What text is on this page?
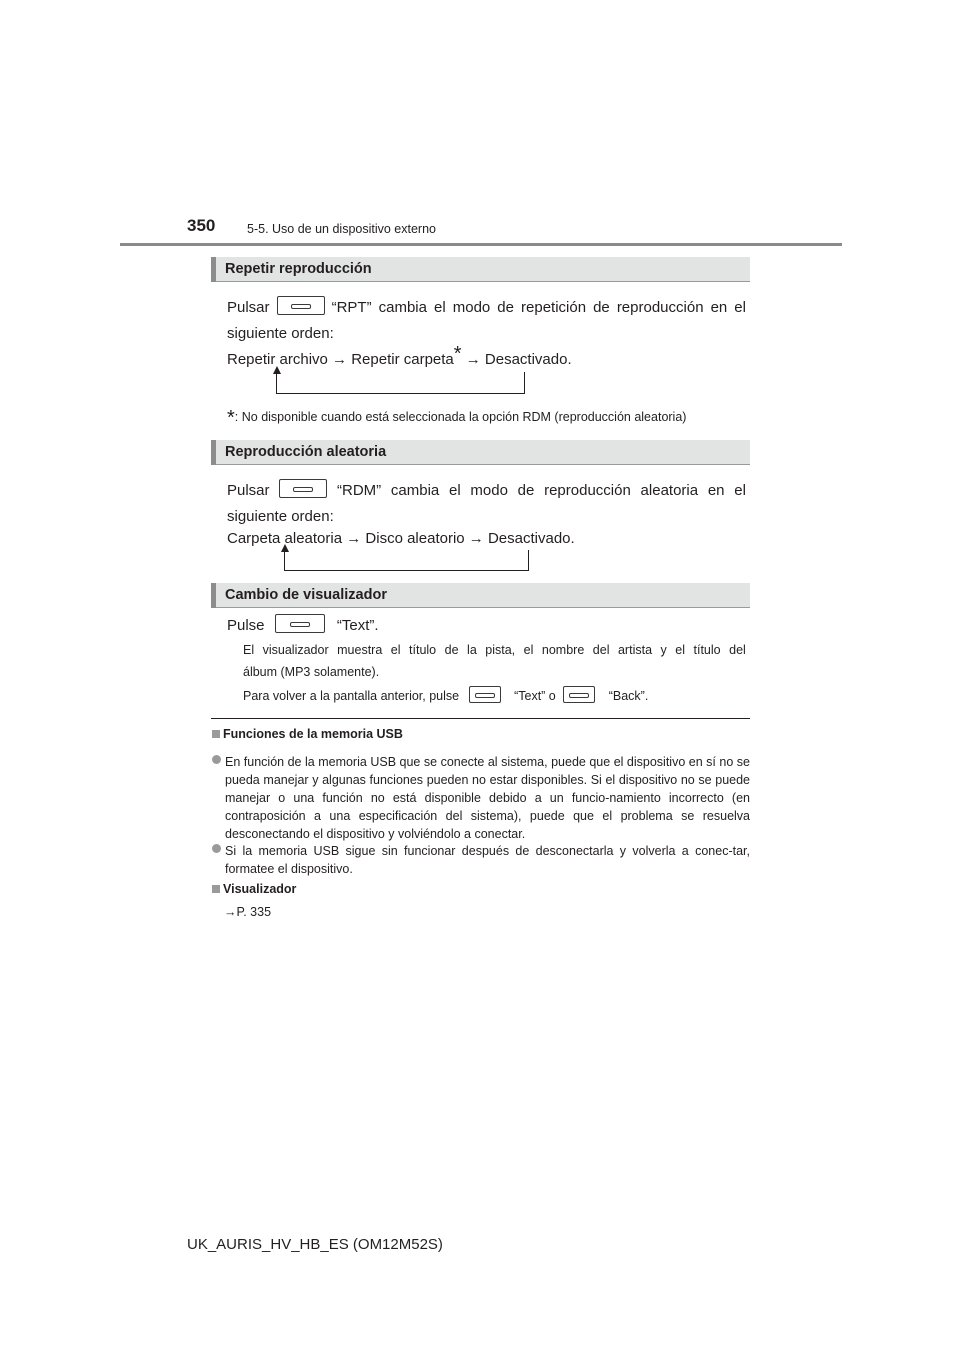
350	5-5. Uso de un dispositivo externo
Repetir reproducción
Pulsar	“RPT” cambia el modo de repetición de reproducción en el
siguiente orden:
Repetir archivo → Repetir carpeta* → Desactivado.
*: No disponible cuando está seleccionada la opción RDM (reproducción aleatoria)
Reproducción aleatoria
Pulsar	“RDM” cambia el modo de reproducción aleatoria en el
siguiente orden:
Carpeta aleatoria → Disco aleatorio → Desactivado.
Cambio de visualizador
Pulse	“Text”.
El visualizador muestra el título de la pista, el nombre del artista y el título del
álbum (MP3 solamente).
Para volver a la pantalla anterior, pulse	“Text” o	“Back”.
Funciones de la memoria USB
En función de la memoria USB que se conecte al sistema, puede que el dispositivo en sí no se pueda manejar y algunas funciones pueden no estar disponibles. Si el dispositivo no se puede manejar o una función no está disponible debido a un funcio-namiento incorrecto (en contraposición a una especificación del sistema), puede que el problema se resuelva desconectando el dispositivo y volviéndolo a conectar.
Si la memoria USB sigue sin funcionar después de desconectarla y volverla a conec-tar, formatee el dispositivo.
Visualizador
→P. 335
UK_AURIS_HV_HB_ES (OM12M52S)
